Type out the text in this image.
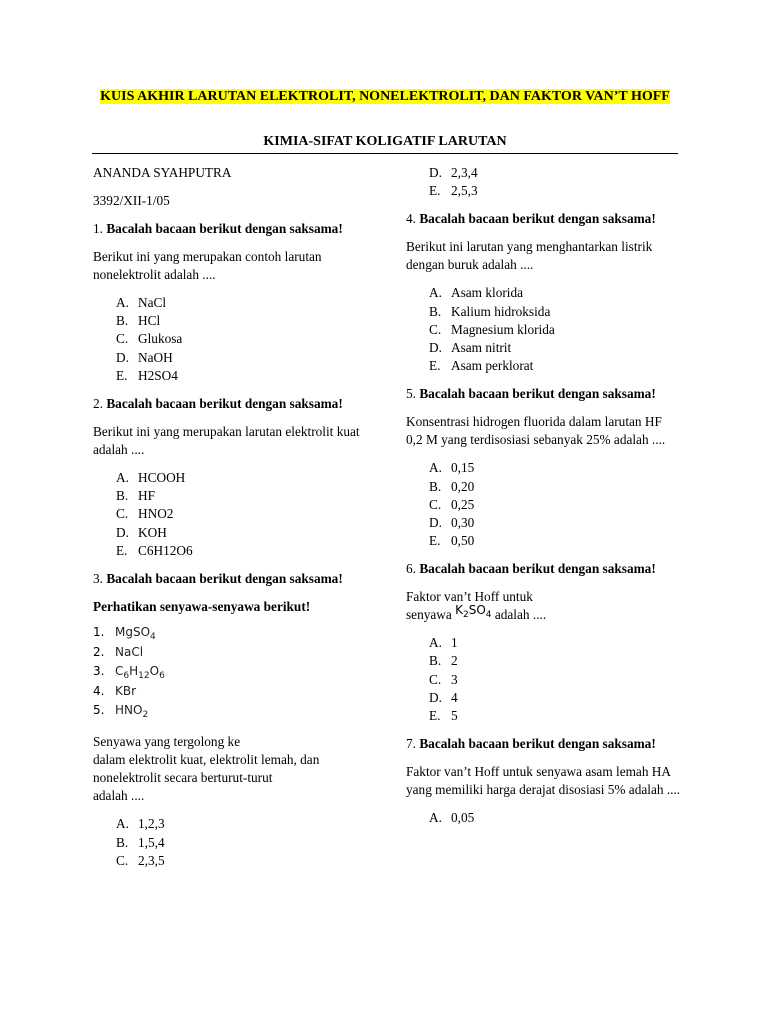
KUIS AKHIR LARUTAN ELEKTROLIT, NONELEKTROLIT, DAN FAKTOR VAN’T HOFF
KIMIA-SIFAT KOLIGATIF LARUTAN

ANANDA SYAHPUTRA

3392/XII-1/05

1. Bacalah bacaan berikut dengan saksama!

Berikut ini yang merupakan contoh larutan nonelektrolit adalah ....

A. NaCl
B. HCl
C. Glukosa
D. NaOH
E. H2SO4

2. Bacalah bacaan berikut dengan saksama!

Berikut ini yang merupakan larutan elektrolit kuat adalah ....

A. HCOOH
B. HF
C. HNO2
D. KOH
E. C6H12O6

3. Bacalah bacaan berikut dengan saksama!

Perhatikan senyawa-senyawa berikut!

1. MgSO$_4$
2. NaCl
3. $C_6H_{12}O_6$
4. KBr
5. $HNO_2$

Senyawa yang tergolong ke
dalam elektrolit kuat, elektrolit lemah, dan
nonelektrolit secara berturut-turut
adalah ....

A. 1,2,3
B. 1,5,4
C. 2,3,5
D. 2,3,4
E. 2,5,3

4. Bacalah bacaan berikut dengan saksama!

Berikut ini larutan yang menghantarkan listrik dengan buruk adalah ....

A. Asam klorida
B. Kalium hidroksida
C. Magnesium klorida
D. Asam nitrit
E. Asam perklorat

5. Bacalah bacaan berikut dengan saksama!

Konsentrasi hidrogen fluorida dalam larutan HF 0,2 M yang terdisosiasi sebanyak 25% adalah ....

A. 0,15
B. 0,20
C. 0,25
D. 0,30
E. 0,50

6. Bacalah bacaan berikut dengan saksama!

Faktor van’t Hoff untuk
senyawa $K_2SO_4$ adalah ....

A. 1
B. 2
C. 3
D. 4
E. 5

7. Bacalah bacaan berikut dengan saksama!

Faktor van’t Hoff untuk senyawa asam lemah HA yang memiliki harga derajat disosiasi 5% adalah ....

A. 0,05
